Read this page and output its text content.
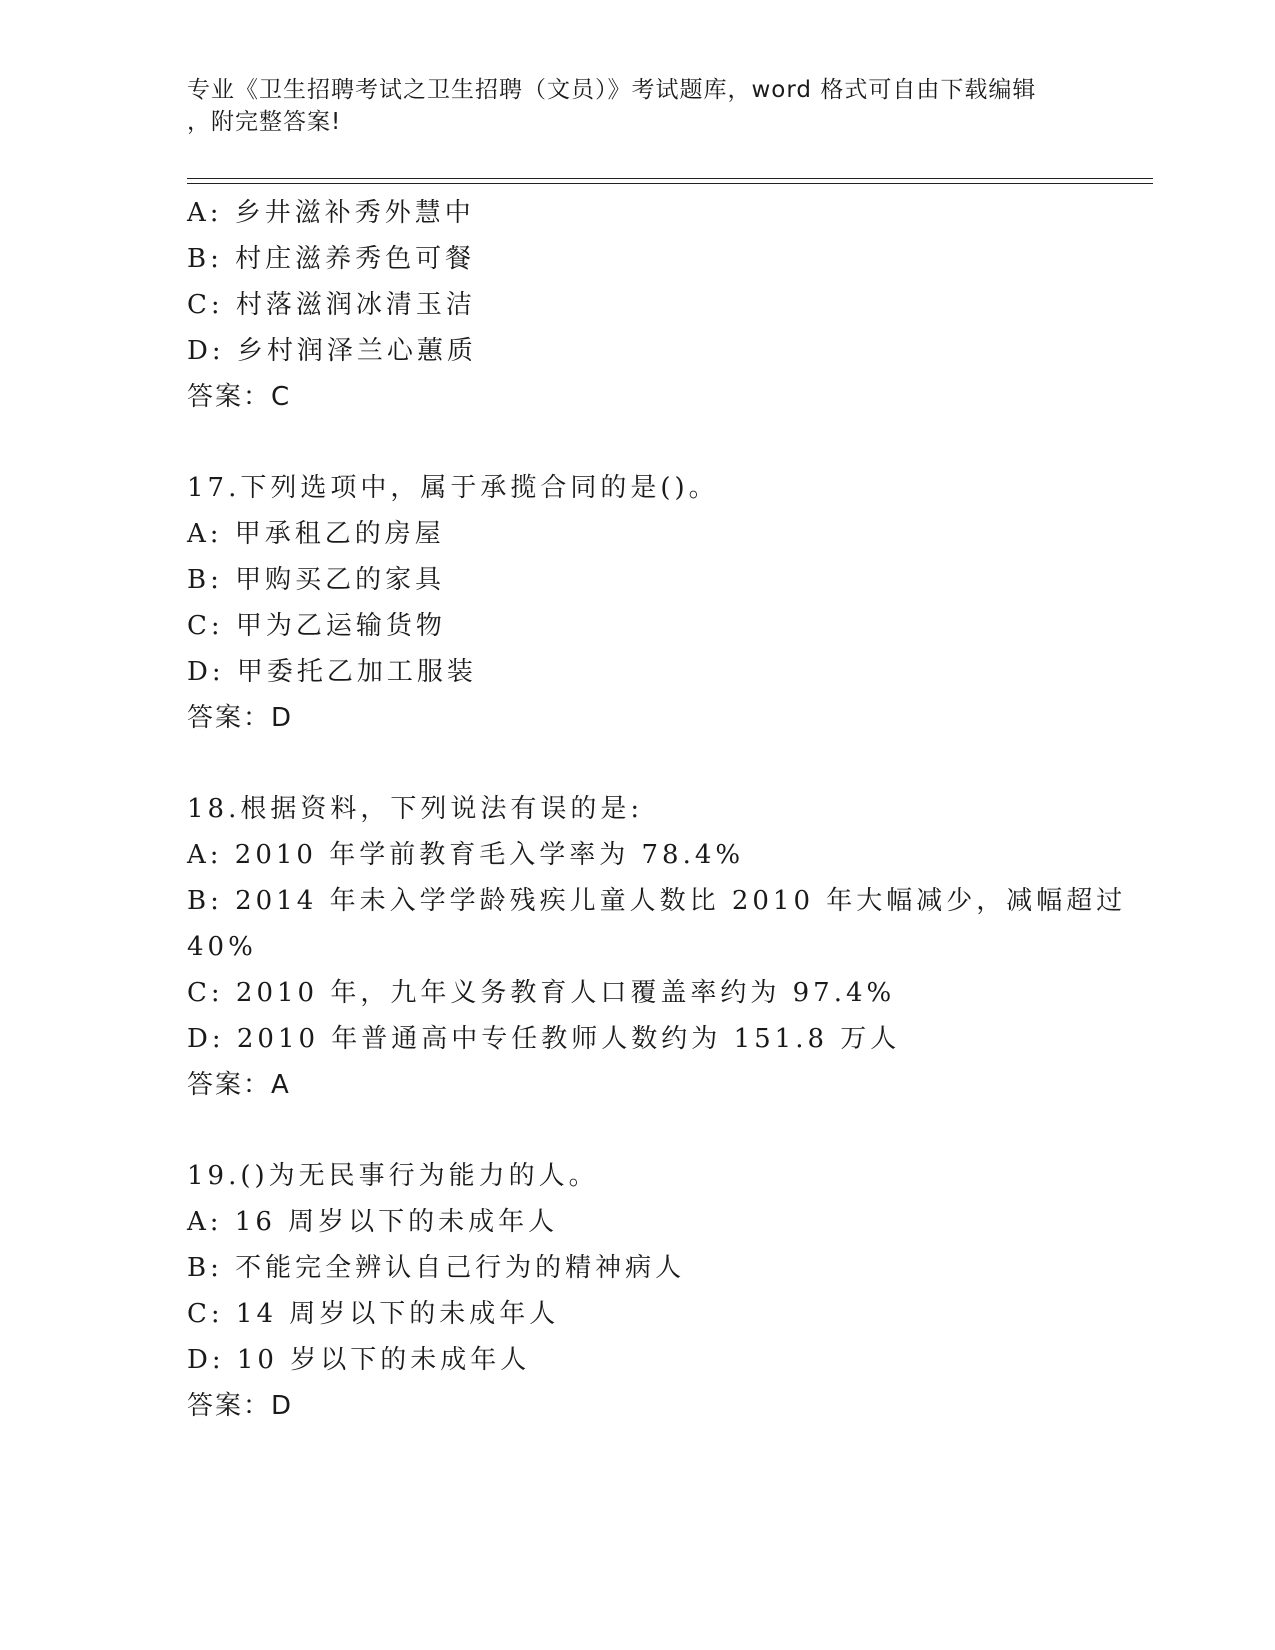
专业《卫生招聘考试之卫生招聘（文员）》考试题库，word 格式可自由下载编辑
，附完整答案!
A: 乡井滋补秀外慧中
B: 村庄滋养秀色可餐
C: 村落滋润冰清玉洁
D: 乡村润泽兰心蕙质
答案：C
17.下列选项中，属于承揽合同的是()。
A: 甲承租乙的房屋
B: 甲购买乙的家具
C: 甲为乙运输货物
D: 甲委托乙加工服装
答案：D
18.根据资料，下列说法有误的是:
A: 2010 年学前教育毛入学率为 78.4%
B: 2014 年未入学学龄残疾儿童人数比 2010 年大幅减少，减幅超过
40%
C: 2010 年，九年义务教育人口覆盖率约为 97.4%
D: 2010 年普通高中专任教师人数约为 151.8 万人
答案：A
19.()为无民事行为能力的人。
A: 16 周岁以下的未成年人
B: 不能完全辨认自己行为的精神病人
C: 14 周岁以下的未成年人
D: 10 岁以下的未成年人
答案：D
